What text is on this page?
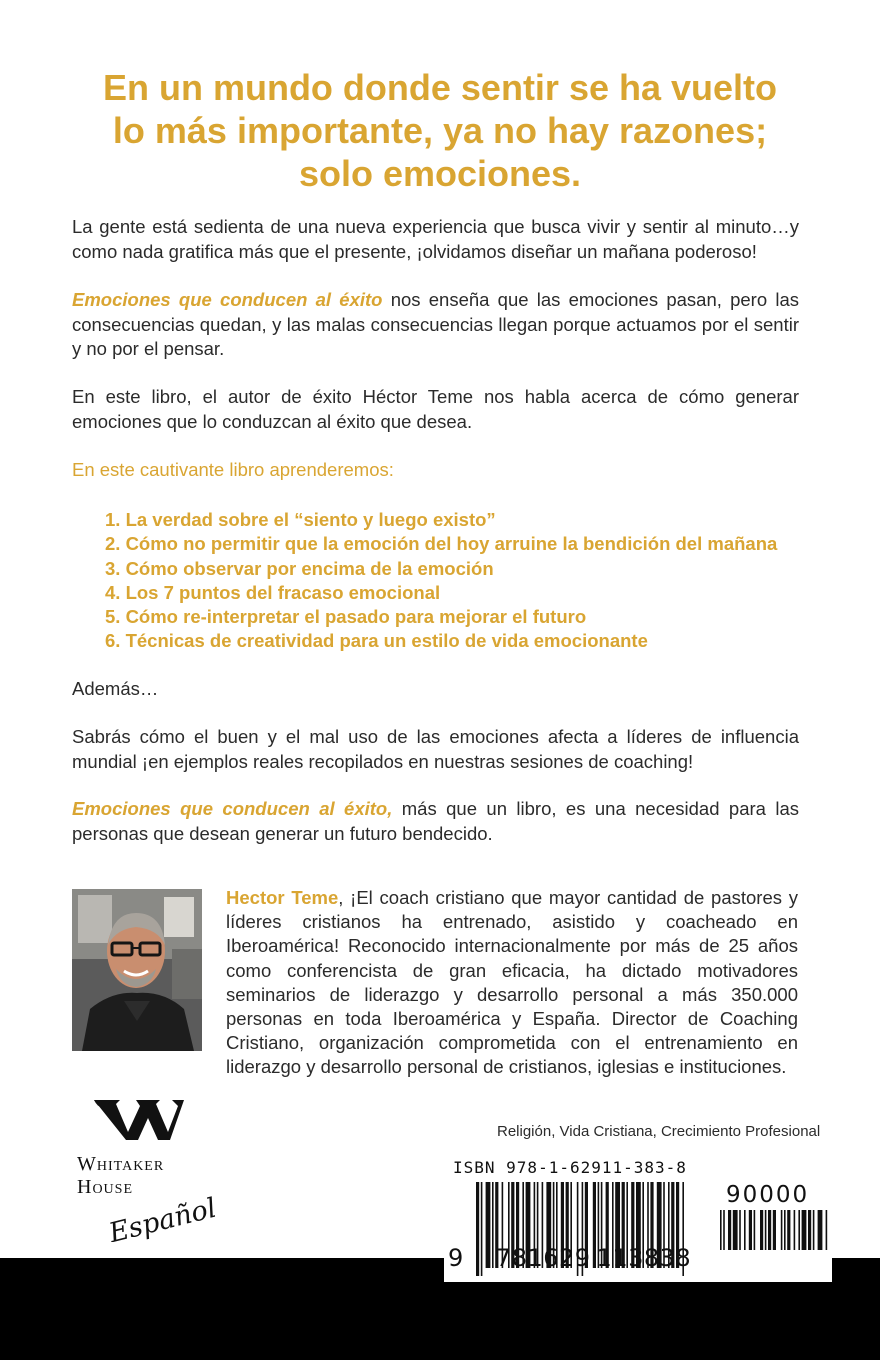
En un mundo donde sentir se ha vuelto
lo más importante, ya no hay razones;
solo emociones.
La gente está sedienta de una nueva experiencia que busca vivir y sentir al minuto…y como nada gratifica más que el presente, ¡olvidamos diseñar un mañana poderoso!
Emociones que conducen al éxito nos enseña que las emociones pasan, pero las consecuencias quedan, y las malas consecuencias llegan porque actuamos por el sentir y no por el pensar.
En este libro, el autor de éxito Héctor Teme nos habla acerca de cómo generar emociones que lo conduzcan al éxito que desea.
En este cautivante libro aprenderemos:
1. La verdad sobre el “siento y luego existo”
2. Cómo no permitir que la emoción del hoy arruine la bendición del mañana
3. Cómo observar por encima de la emoción
4. Los 7 puntos del fracaso emocional
5. Cómo re-interpretar el pasado para mejorar el futuro
6. Técnicas de creatividad para un estilo de vida emocionante
Además…
Sabrás cómo el buen y el mal uso de las emociones afecta a líderes de influencia mundial ¡en ejemplos reales recopilados en nuestras sesiones de coaching!
Emociones que conducen al éxito, más que un libro, es una necesidad para las personas que desean generar un futuro bendecido.
Hector Teme, ¡El coach cristiano que mayor cantidad de pastores y líderes cristianos ha entrenado, asistido y coacheado en Iberoamérica! Reconocido internacionalmente por más de 25 años como conferencista de gran eficacia, ha dictado motivadores seminarios de liderazgo y desarrollo personal a más 350.000 personas en toda Iberoamérica y España. Director de Coaching Cristiano, organización comprometida con el entrenamiento en liderazgo y desarrollo personal de cristianos, iglesias e instituciones.
Whitaker
House
Español
Religión, Vida Cristiana, Crecimiento Profesional
ISBN 978-1-62911-383-8
90000
9 781629 113838
